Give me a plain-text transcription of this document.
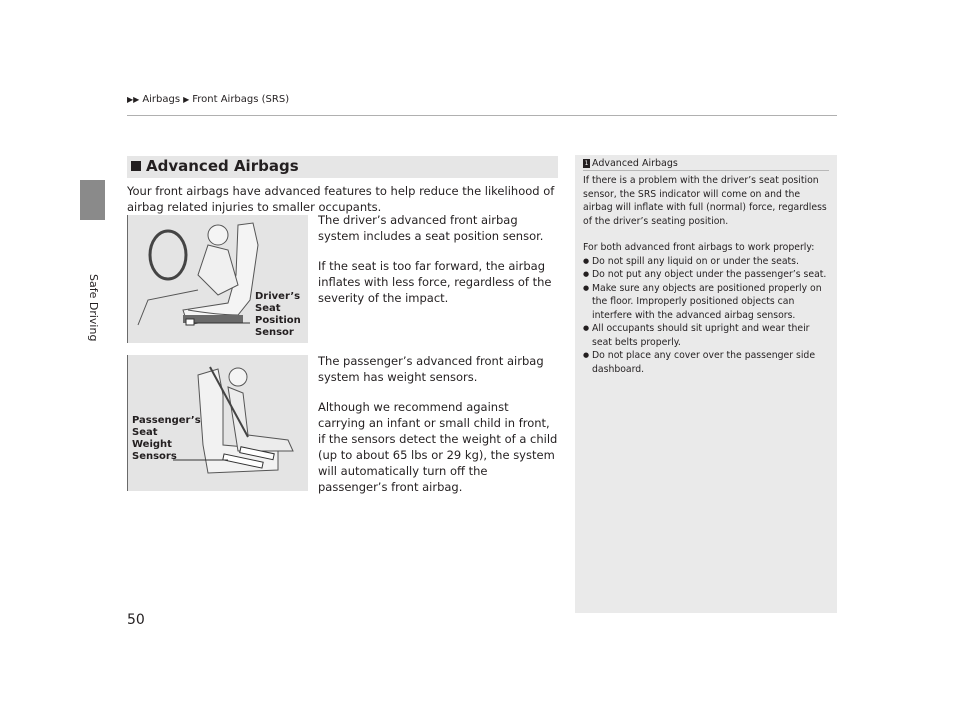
Safe Driving
▶▶ Airbags ▶ Front Airbags (SRS)
Advanced Airbags
Your front airbags have advanced features to help reduce the likelihood of airbag related injuries to smaller occupants.

The driver’s advanced front airbag system includes a seat position sensor.

If the seat is too far forward, the airbag inflates with less force, regardless of the severity of the impact.

Driver’s Seat Position Sensor

The passenger’s advanced front airbag system has weight sensors.

Although we recommend against carrying an infant or small child in front, if the sensors detect the weight of a child (up to about 65 lbs or 29 kg), the system will automatically turn off the passenger’s front airbag.

Passenger’s Seat Weight Sensors
1 Advanced Airbags

If there is a problem with the driver’s seat position sensor, the SRS indicator will come on and the airbag will inflate with full (normal) force, regardless of the driver’s seating position.

For both advanced front airbags to work properly:

● Do not spill any liquid on or under the seats.
● Do not put any object under the passenger’s seat.
● Make sure any objects are positioned properly on the floor. Improperly positioned objects can interfere with the advanced airbag sensors.
● All occupants should sit upright and wear their seat belts properly.
● Do not place any cover over the passenger side dashboard.
50
